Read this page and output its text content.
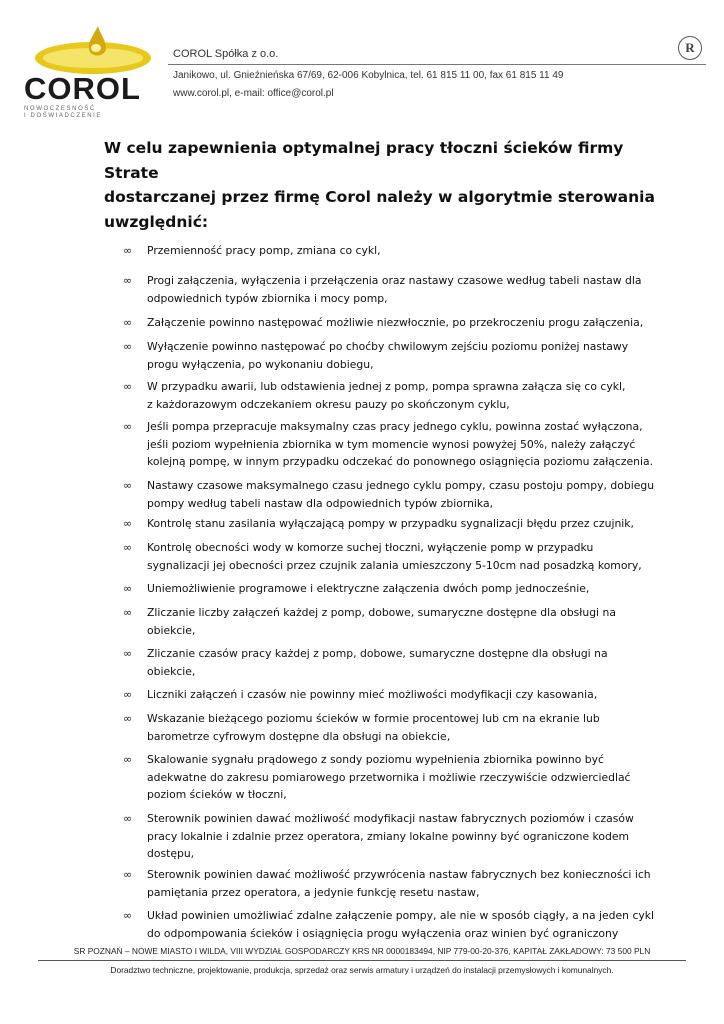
COROL
NOWOCZESNOŚĆ
I DOŚWIADCZENIE
COROL Spółka z o.o.
Janikowo, ul. Gnieźnieńska 67/69, 62-006 Kobylnica, tel. 61 815 11 00, fax 61 815 11 49
www.corol.pl, e-mail: office@corol.pl
R
W celu zapewnienia optymalnej pracy tłoczni ścieków firmy Strate
dostarczanej przez firmę Corol należy w algorytmie sterowania
uwzględnić:
∞ Przemienność pracy pomp, zmiana co cykl,
∞ Progi załączenia, wyłączenia i przełączenia oraz nastawy czasowe według tabeli nastaw dla
odpowiednich typów zbiornika i mocy pomp,
∞ Załączenie powinno następować możliwie niezwłocznie, po przekroczeniu progu załączenia,
∞ Wyłączenie powinno następować po choćby chwilowym zejściu poziomu poniżej nastawy
progu wyłączenia, po wykonaniu dobiegu,
∞ W przypadku awarii, lub odstawienia jednej z pomp, pompa sprawna załącza się co cykl,
z każdorazowym odczekaniem okresu pauzy po skończonym cyklu,
∞ Jeśli pompa przepracuje maksymalny czas pracy jednego cyklu, powinna zostać wyłączona,
jeśli poziom wypełnienia zbiornika w tym momencie wynosi powyżej 50%, należy załączyć
kolejną pompę, w innym przypadku odczekać do ponownego osiągnięcia poziomu załączenia.
∞ Nastawy czasowe maksymalnego czasu jednego cyklu pompy, czasu postoju pompy, dobiegu
pompy według tabeli nastaw dla odpowiednich typów zbiornika,
∞ Kontrolę stanu zasilania wyłączającą pompy w przypadku sygnalizacji błędu przez czujnik,
∞ Kontrolę obecności wody w komorze suchej tłoczni, wyłączenie pomp w przypadku
sygnalizacji jej obecności przez czujnik zalania umieszczony 5-10cm nad posadzką komory,
∞ Uniemożliwienie programowe i elektryczne załączenia dwóch pomp jednocześnie,
∞ Zliczanie liczby załączeń każdej z pomp, dobowe, sumaryczne dostępne dla obsługi na
obiekcie,
∞ Zliczanie czasów pracy każdej z pomp, dobowe, sumaryczne dostępne dla obsługi na
obiekcie,
∞ Liczniki załączeń i czasów nie powinny mieć możliwości modyfikacji czy kasowania,
∞ Wskazanie bieżącego poziomu ścieków w formie procentowej lub cm na ekranie lub
barometrze cyfrowym dostępne dla obsługi na obiekcie,
∞ Skalowanie sygnału prądowego z sondy poziomu wypełnienia zbiornika powinno być
adekwatne do zakresu pomiarowego przetwornika i możliwie rzeczywiście odzwierciedlać
poziom ścieków w tłoczni,
∞ Sterownik powinien dawać możliwość modyfikacji nastaw fabrycznych poziomów i czasów
pracy lokalnie i zdalnie przez operatora, zmiany lokalne powinny być ograniczone kodem
dostępu,
∞ Sterownik powinien dawać możliwość przywrócenia nastaw fabrycznych bez konieczności ich
pamiętania przez operatora, a jedynie funkcję resetu nastaw,
∞ Układ powinien umożliwiać zdalne załączenie pompy, ale nie w sposób ciągły, a na jeden cykl
do odpompowania ścieków i osiągnięcia progu wyłączenia oraz winien być ograniczony
SR POZNAŃ – NOWE MIASTO I WILDA, VIII WYDZIAŁ GOSPODARCZY KRS NR 0000183494, NIP 779-00-20-376, KAPITAŁ ZAKŁADOWY: 73 500 PLN
Doradztwo techniczne, projektowanie, produkcja, sprzedaż oraz serwis armatury i urządzeń do instalacji przemysłowych i komunalnych.
